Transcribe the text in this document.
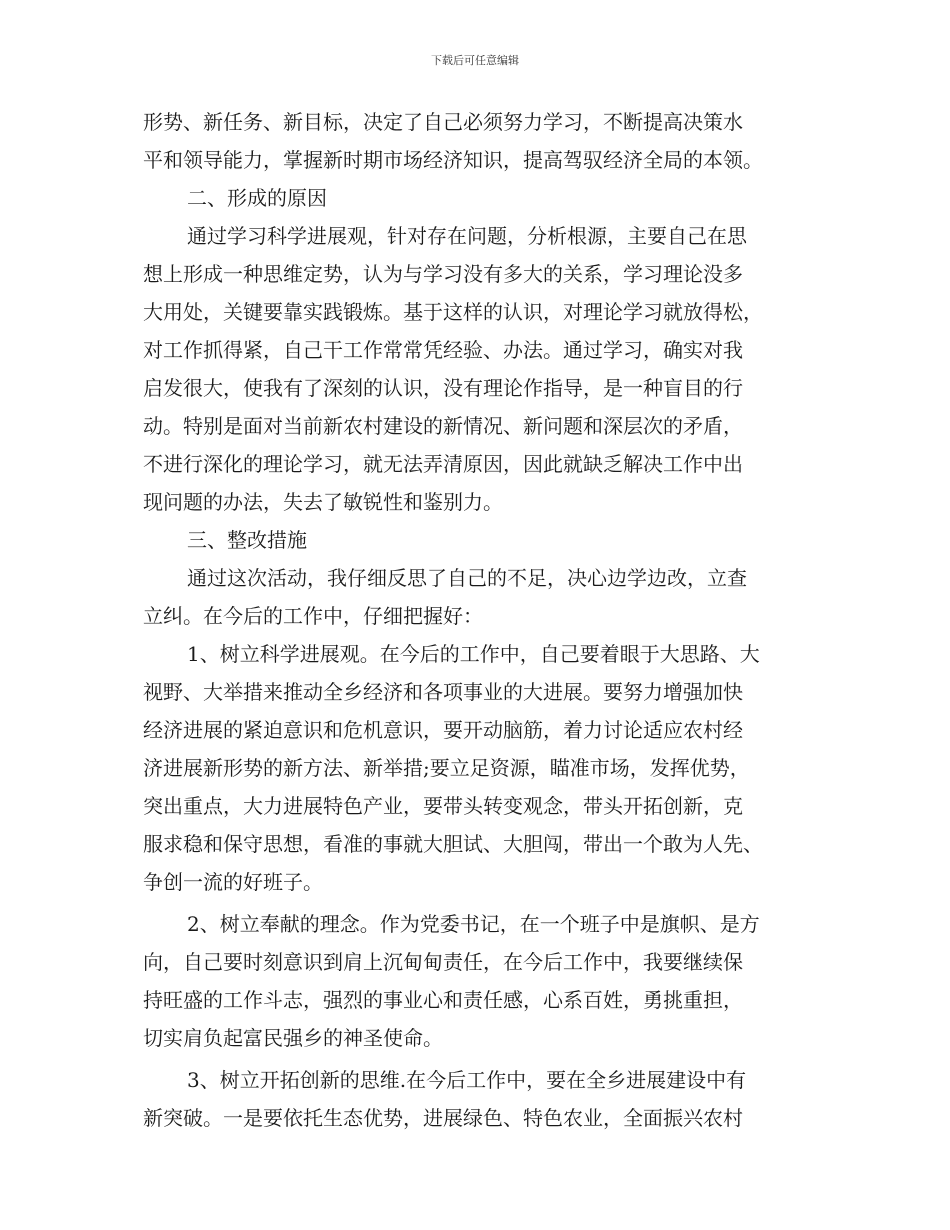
下载后可任意编辑
形势、新任务、新目标，决定了自己必须努力学习，不断提高决策水
平和领导能力，掌握新时期市场经济知识，提高驾驭经济全局的本领。
二、形成的原因
通过学习科学进展观，针对存在问题，分析根源，主要自己在思
想上形成一种思维定势，认为与学习没有多大的关系，学习理论没多
大用处，关键要靠实践锻炼。基于这样的认识，对理论学习就放得松，
对工作抓得紧，自己干工作常常凭经验、办法。通过学习，确实对我
启发很大，使我有了深刻的认识，没有理论作指导，是一种盲目的行
动。特别是面对当前新农村建设的新情况、新问题和深层次的矛盾，
不进行深化的理论学习，就无法弄清原因，因此就缺乏解决工作中出
现问题的办法，失去了敏锐性和鉴别力。
三、整改措施
通过这次活动，我仔细反思了自己的不足，决心边学边改，立查
立纠。在今后的工作中，仔细把握好：
1、树立科学进展观。在今后的工作中，自己要着眼于大思路、大
视野、大举措来推动全乡经济和各项事业的大进展。要努力增强加快
经济进展的紧迫意识和危机意识，要开动脑筋，着力讨论适应农村经
济进展新形势的新方法、新举措;要立足资源，瞄准市场，发挥优势，
突出重点，大力进展特色产业，要带头转变观念，带头开拓创新，克
服求稳和保守思想，看准的事就大胆试、大胆闯，带出一个敢为人先、
争创一流的好班子。
2、树立奉献的理念。作为党委书记，在一个班子中是旗帜、是方
向，自己要时刻意识到肩上沉甸甸责任，在今后工作中，我要继续保
持旺盛的工作斗志，强烈的事业心和责任感，心系百姓，勇挑重担，
切实肩负起富民强乡的神圣使命。
3、树立开拓创新的思维.在今后工作中，要在全乡进展建设中有
新突破。一是要依托生态优势，进展绿色、特色农业，全面振兴农村
